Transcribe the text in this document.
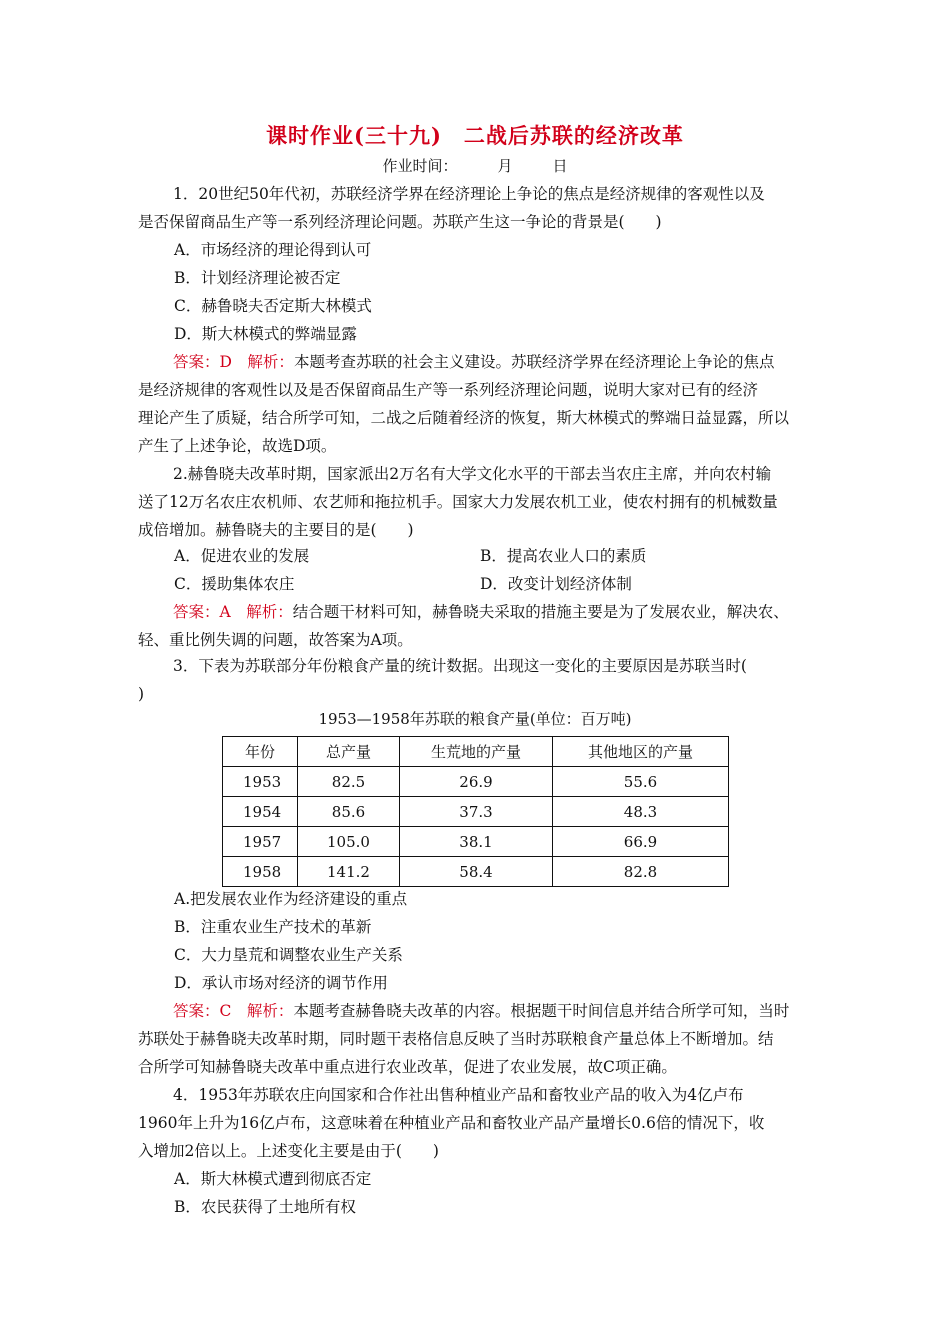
课时作业(三十九)　二战后苏联的经济改革
作业时间：	月	日
1．20世纪50年代初，苏联经济学界在经济理论上争论的焦点是经济规律的客观性以及
是否保留商品生产等一系列经济理论问题。苏联产生这一争论的背景是(　　)
A．市场经济的理论得到认可
B．计划经济理论被否定
C．赫鲁晓夫否定斯大林模式
D．斯大林模式的弊端显露
答案：D　解析：本题考查苏联的社会主义建设。苏联经济学界在经济理论上争论的焦点
是经济规律的客观性以及是否保留商品生产等一系列经济理论问题，说明大家对已有的经济
理论产生了质疑，结合所学可知，二战之后随着经济的恢复，斯大林模式的弊端日益显露，所以
产生了上述争论，故选D项。
2.赫鲁晓夫改革时期，国家派出2万名有大学文化水平的干部去当农庄主席，并向农村输
送了12万名农庄农机师、农艺师和拖拉机手。国家大力发展农机工业，使农村拥有的机械数量
成倍增加。赫鲁晓夫的主要目的是(　　)
A．促进农业的发展	B．提高农业人口的素质
C．援助集体农庄	D．改变计划经济体制
答案：A　解析：结合题干材料可知，赫鲁晓夫采取的措施主要是为了发展农业，解决农、
轻、重比例失调的问题，故答案为A项。
3．下表为苏联部分年份粮食产量的统计数据。出现这一变化的主要原因是苏联当时(
)
1953—1958年苏联的粮食产量(单位：百万吨)
年份	总产量	生荒地的产量	其他地区的产量
1953	82.5	26.9	55.6
1954	85.6	37.3	48.3
1957	105.0	38.1	66.9
1958	141.2	58.4	82.8
A.把发展农业作为经济建设的重点
B．注重农业生产技术的革新
C．大力垦荒和调整农业生产关系
D．承认市场对经济的调节作用
答案：C　解析：本题考查赫鲁晓夫改革的内容。根据题干时间信息并结合所学可知，当时
苏联处于赫鲁晓夫改革时期，同时题干表格信息反映了当时苏联粮食产量总体上不断增加。结
合所学可知赫鲁晓夫改革中重点进行农业改革，促进了农业发展，故C项正确。
4．1953年苏联农庄向国家和合作社出售种植业产品和畜牧业产品的收入为4亿卢布
1960年上升为16亿卢布，这意味着在种植业产品和畜牧业产品产量增长0.6倍的情况下，收
入增加2倍以上。上述变化主要是由于(　　)
A．斯大林模式遭到彻底否定
B．农民获得了土地所有权
